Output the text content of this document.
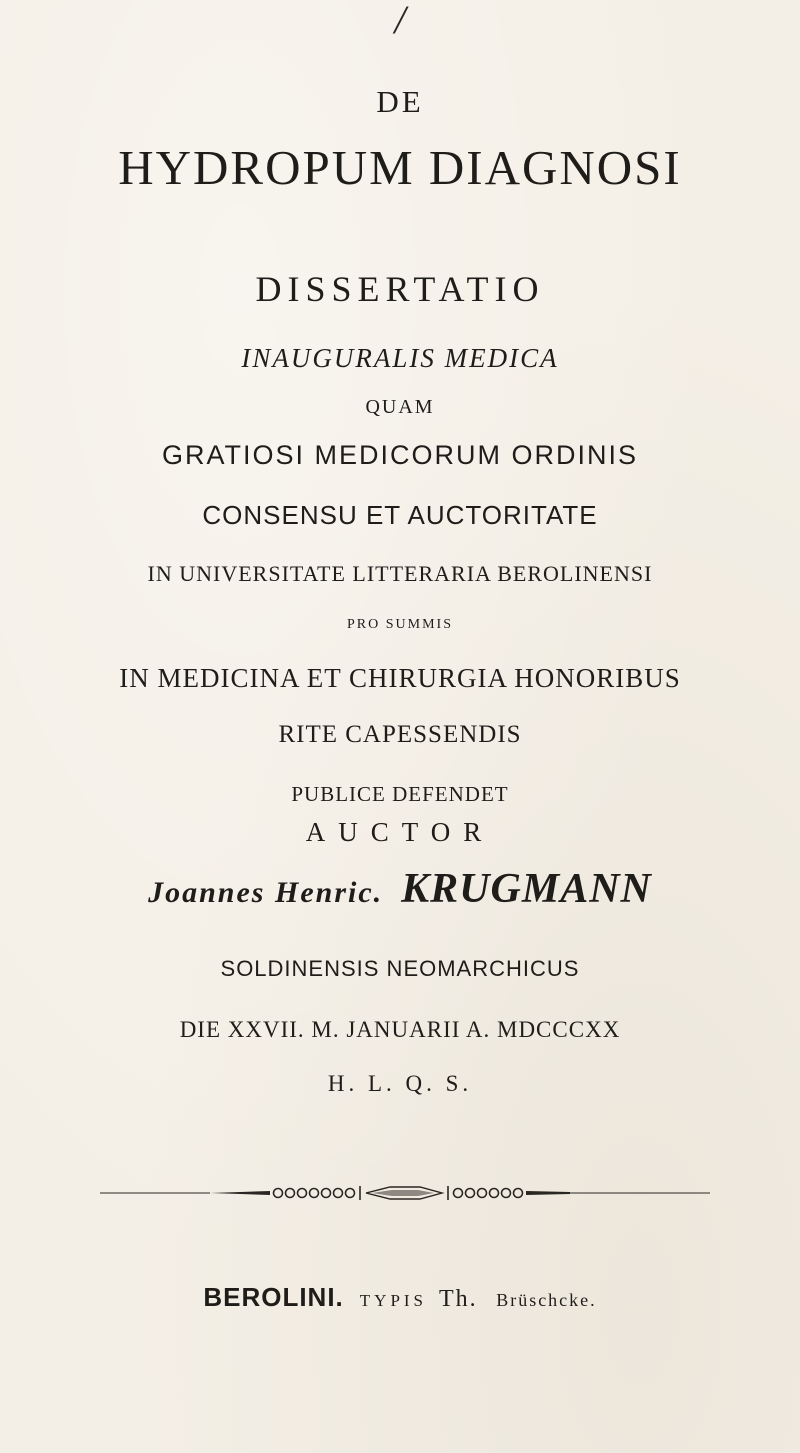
/
DE
HYDROPUM DIAGNOSI
DISSERTATIO
INAUGURALIS MEDICA
QUAM
GRATIOSI MEDICORUM ORDINIS
CONSENSU ET AUCTORITATE
IN UNIVERSITATE LITTERARIA BEROLINENSI
PRO SUMMIS
IN MEDICINA ET CHIRURGIA HONORIBUS
RITE CAPESSENDIS
PUBLICE DEFENDET
AUCTOR
Joannes Henric. KRUGMANN
SOLDINENSIS NEOMARCHICUS
DIE XXVII. M. JANUARII A. MDCCCXX
H. L. Q. S.
BEROLINI. TYPIS Th. Brüschcke.
